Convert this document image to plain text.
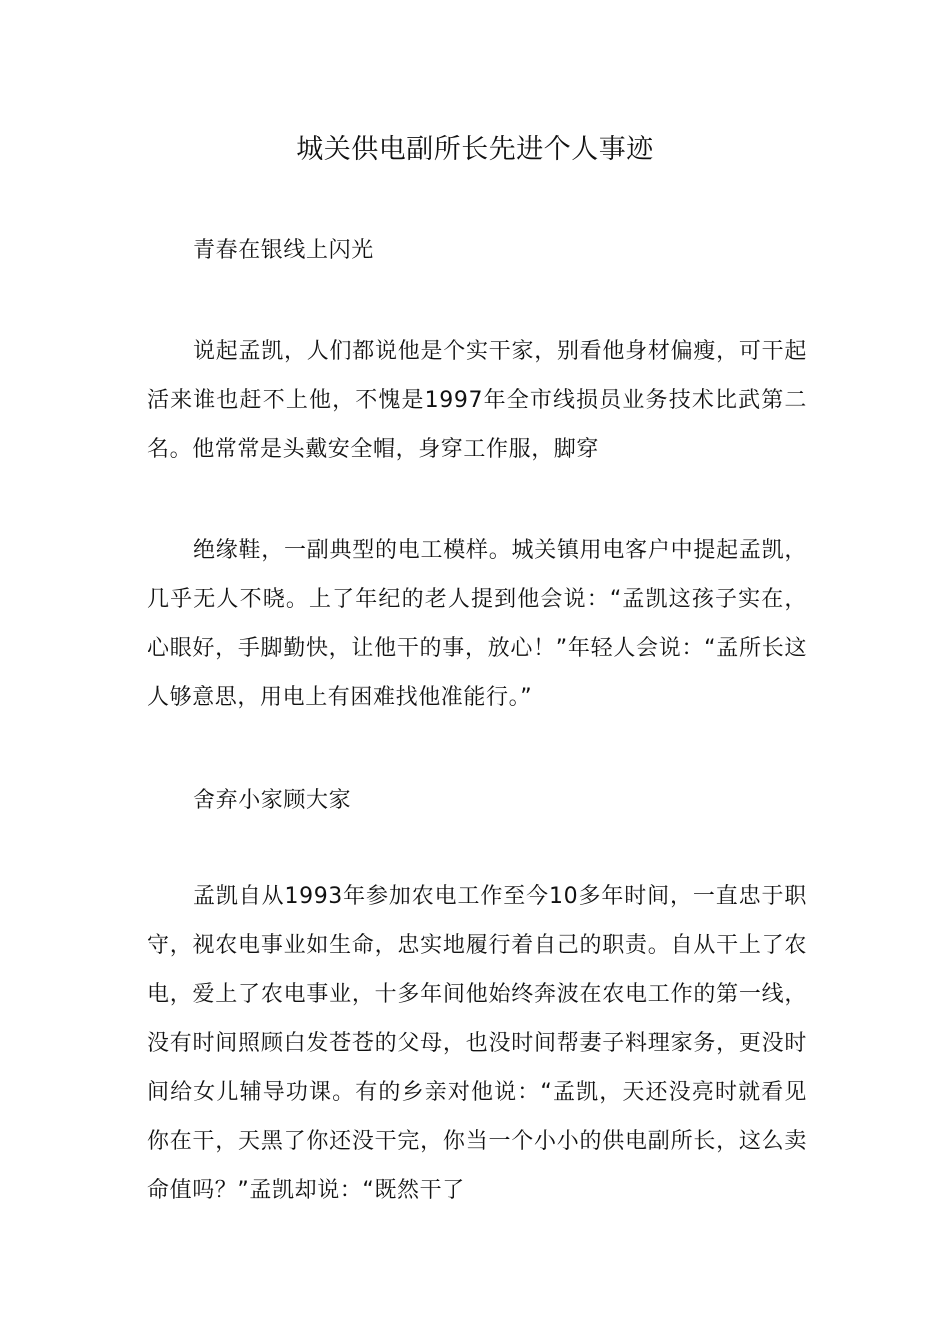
城关供电副所长先进个人事迹
青春在银线上闪光

说起孟凯，人们都说他是个实干家，别看他身材偏瘦，可干起活来谁也赶不上他，不愧是1997年全市线损员业务技术比武第二名。他常常是头戴安全帽，身穿工作服，脚穿

绝缘鞋，一副典型的电工模样。城关镇用电客户中提起孟凯，几乎无人不晓。上了年纪的老人提到他会说：“孟凯这孩子实在，心眼好，手脚勤快，让他干的事，放心！”年轻人会说：“孟所长这人够意思，用电上有困难找他准能行。”

舍弃小家顾大家

孟凯自从1993年参加农电工作至今10多年时间，一直忠于职守，视农电事业如生命，忠实地履行着自己的职责。自从干上了农电，爱上了农电事业，十多年间他始终奔波在农电工作的第一线，没有时间照顾白发苍苍的父母，也没时间帮妻子料理家务，更没时间给女儿辅导功课。有的乡亲对他说：“孟凯，天还没亮时就看见你在干，天黑了你还没干完，你当一个小小的供电副所长，这么卖命值吗？”孟凯却说：“既然干了
